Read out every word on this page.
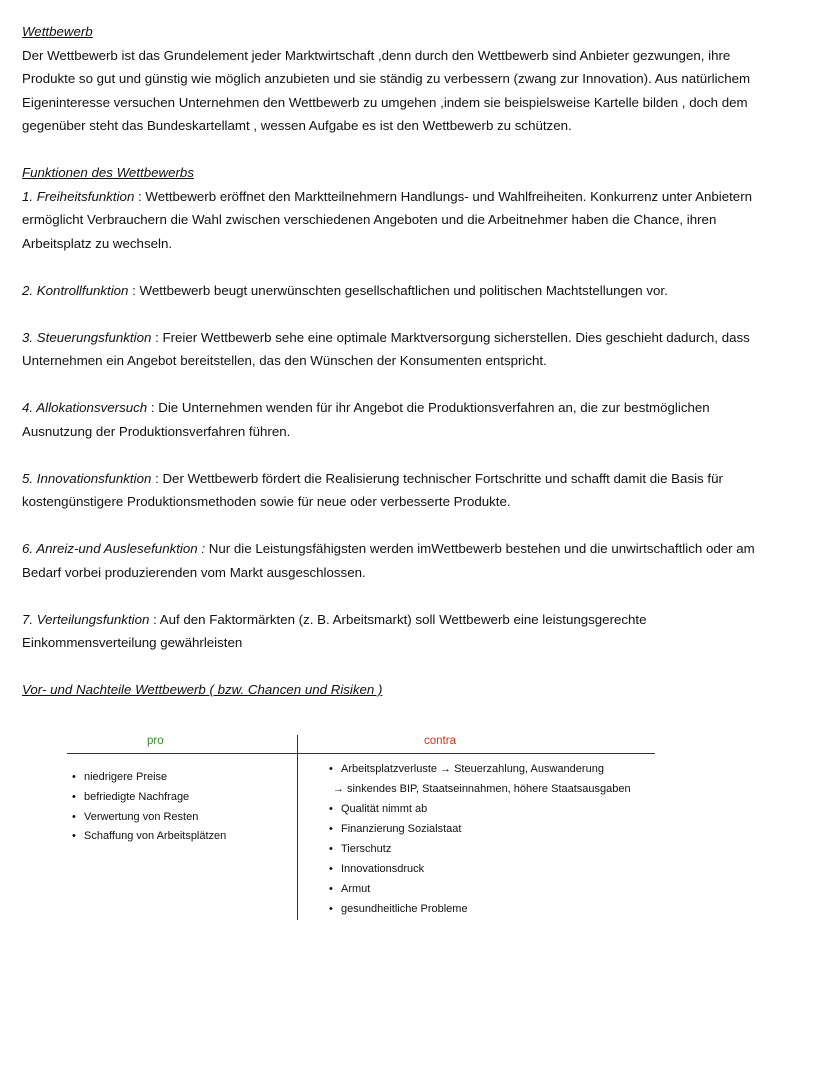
Wettbewerb

Der Wettbewerb ist das Grundelement jeder Marktwirtschaft ,denn durch den Wettbewerb sind Anbieter gezwungen, ihre

Produkte so gut und günstig wie möglich anzubieten und sie ständig zu verbessern (zwang zur Innovation). Aus natürlichem

Eigeninteresse versuchen Unternehmen den Wettbewerb zu umgehen ,indem sie beispielsweise Kartelle bilden , doch dem

gegenüber steht das Bundeskartellamt , wessen Aufgabe es ist den Wettbewerb zu schützen.

Funktionen des Wettbewerbs

1. Freiheitsfunktion : Wettbewerb eröffnet den Marktteilnehmern Handlungs- und Wahlfreiheiten. Konkurrenz unter Anbietern

ermöglicht Verbrauchern die Wahl zwischen verschiedenen Angeboten und die Arbeitnehmer haben die Chance, ihren

Arbeitsplatz zu wechseln.

2. Kontrollfunktion : Wettbewerb beugt unerwünschten gesellschaftlichen und politischen Machtstellungen vor.

3. Steuerungsfunktion : Freier Wettbewerb sehe eine optimale Marktversorgung sicherstellen. Dies geschieht dadurch, dass

Unternehmen ein Angebot bereitstellen, das den Wünschen der Konsumenten entspricht.

4. Allokationsversuch : Die Unternehmen wenden für ihr Angebot die Produktionsverfahren an, die zur bestmöglichen

Ausnutzung der Produktionsverfahren führen.

5. Innovationsfunktion : Der Wettbewerb fördert die Realisierung technischer Fortschritte und schafft damit die Basis für

kostengünstigere Produktionsmethoden sowie für neue oder verbesserte Produkte.

6. Anreiz-und Auslesefunktion : Nur die Leistungsfähigsten werden imWettbewerb bestehen und die unwirtschaftlich oder am

Bedarf vorbei produzierenden vom Markt ausgeschlossen.

7. Verteilungsfunktion : Auf den Faktormärkten (z. B. Arbeitsmarkt) soll Wettbewerb eine leistungsgerechte

Einkommensverteilung gewährleisten

Vor- und Nachteile Wettbewerb ( bzw. Chancen und Risiken )

pro	contra
• niedrigere Preise
• befriedigte Nachfrage
• Verwertung von Resten
• Schaffung von Arbeitsplätzen
• Arbeitsplatzverluste → Steuerzahlung, Auswanderung
→ sinkendes BIP, Staatseinnahmen, höhere Staatsausgaben
• Qualität nimmt ab
• Finanzierung Sozialstaat
• Tierschutz
• Innovationsdruck
• Armut
• gesundheitliche Probleme
